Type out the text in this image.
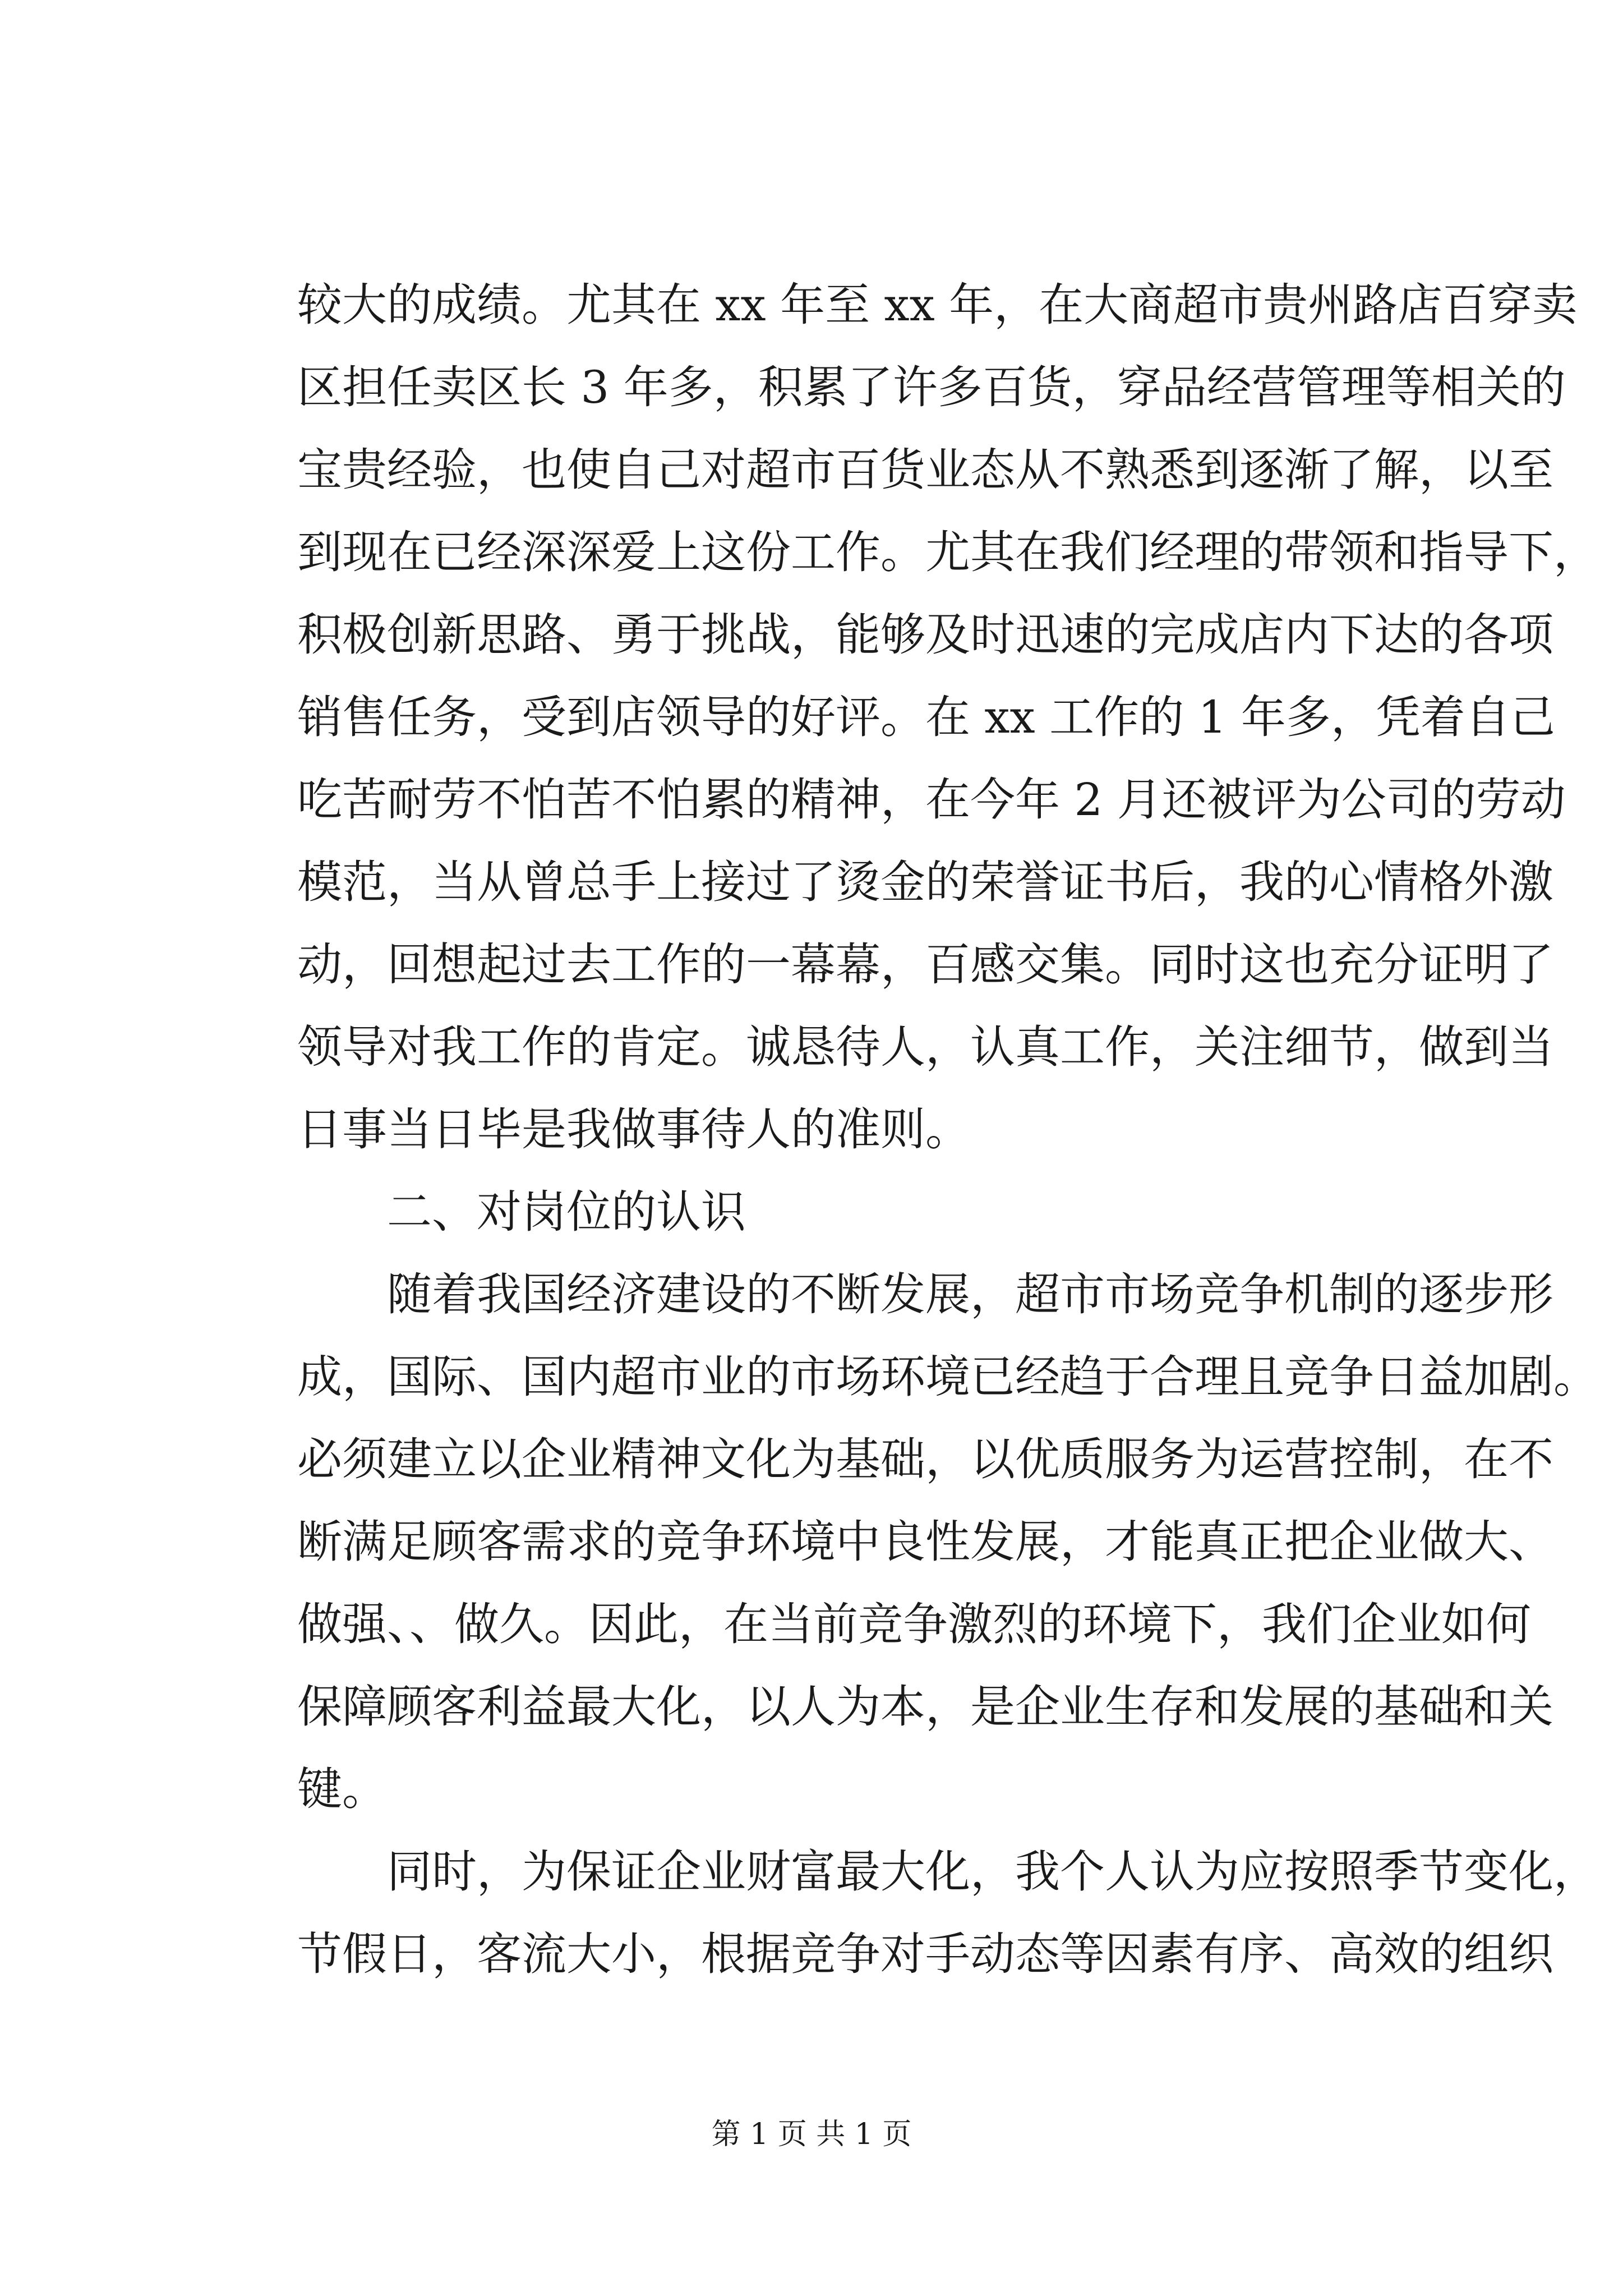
较大的成绩。尤其在 xx 年至 xx 年，在大商超市贵州路店百穿卖
区担任卖区长 3 年多，积累了许多百货，穿品经营管理等相关的
宝贵经验，也使自己对超市百货业态从不熟悉到逐渐了解，以至
到现在已经深深爱上这份工作。尤其在我们经理的带领和指导下，
积极创新思路、勇于挑战，能够及时迅速的完成店内下达的各项
销售任务，受到店领导的好评。在 xx 工作的 1 年多，凭着自己
吃苦耐劳不怕苦不怕累的精神，在今年 2 月还被评为公司的劳动
模范，当从曾总手上接过了烫金的荣誉证书后，我的心情格外激
动，回想起过去工作的一幕幕，百感交集。同时这也充分证明了
领导对我工作的肯定。诚恳待人，认真工作，关注细节，做到当
日事当日毕是我做事待人的准则。
二、对岗位的认识
随着我国经济建设的不断发展，超市市场竞争机制的逐步形
成，国际、国内超市业的市场环境已经趋于合理且竞争日益加剧。
必须建立以企业精神文化为基础，以优质服务为运营控制，在不
断满足顾客需求的竞争环境中良性发展，才能真正把企业做大、
做强、、做久。因此，在当前竞争激烈的环境下，我们企业如何
保障顾客利益最大化，以人为本，是企业生存和发展的基础和关
键。
同时，为保证企业财富最大化，我个人认为应按照季节变化，
节假日，客流大小，根据竞争对手动态等因素有序、高效的组织
第 1 页 共 1 页
